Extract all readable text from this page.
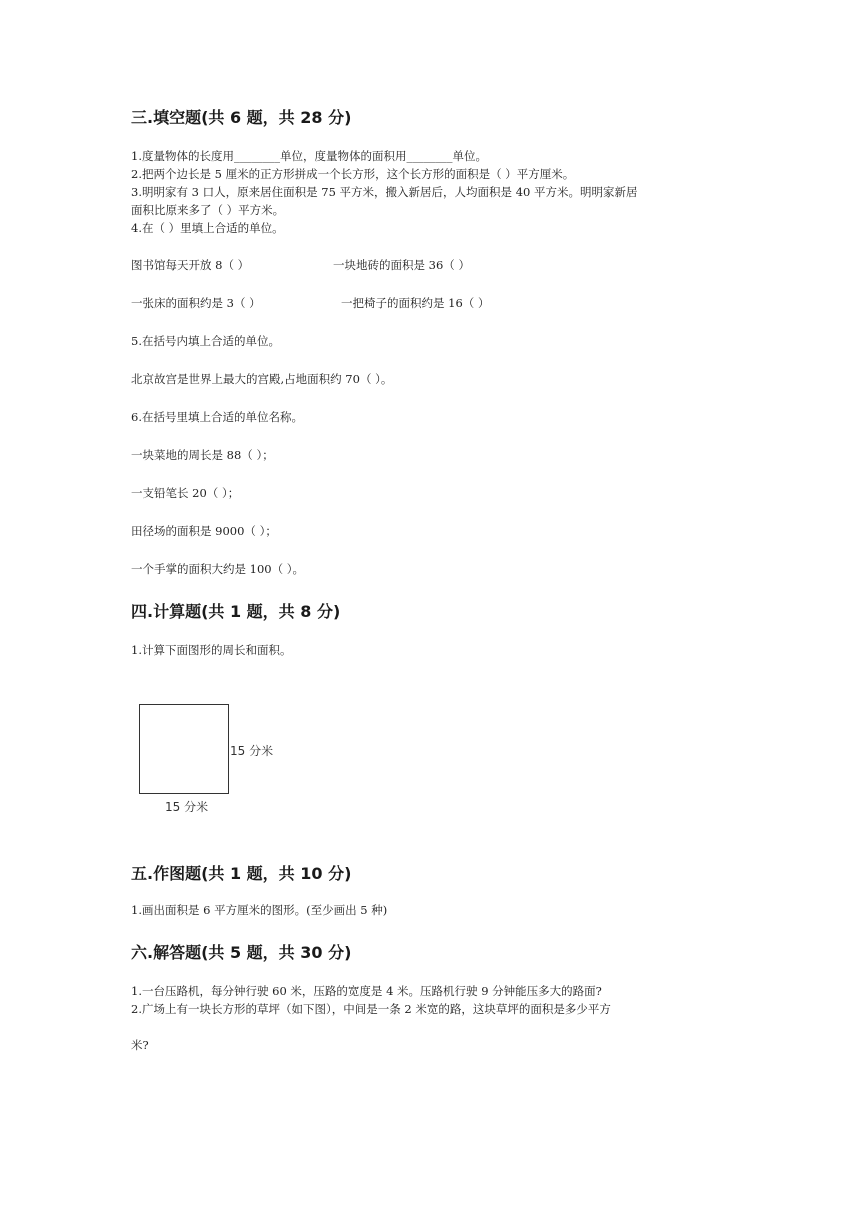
三.填空题(共 6 题，共 28 分)
1.度量物体的长度用________单位，度量物体的面积用________单位。
2.把两个边长是 5 厘米的正方形拼成一个长方形，这个长方形的面积是（ ）平方厘米。
3.明明家有 3 口人，原来居住面积是 75 平方米，搬入新居后，人均面积是 40 平方米。明明家新居
面积比原来多了（ ）平方米。
4.在（ ）里填上合适的单位。
图书馆每天开放 8（ ）	一块地砖的面积是 36（ ）
一张床的面积约是 3（ ）	一把椅子的面积约是 16（ ）
5.在括号内填上合适的单位。
北京故宫是世界上最大的宫殿,占地面积约 70（ ）。
6.在括号里填上合适的单位名称。
一块菜地的周长是 88（ ）；
一支铅笔长 20（ ）；
田径场的面积是 9000（ ）；
一个手掌的面积大约是 100（ ）。
四.计算题(共 1 题，共 8 分)
1.计算下面图形的周长和面积。
15 分米
15 分米
五.作图题(共 1 题，共 10 分)
1.画出面积是 6 平方厘米的图形。(至少画出 5 种)
六.解答题(共 5 题，共 30 分)
1.一台压路机，每分钟行驶 60 米，压路的宽度是 4 米。压路机行驶 9 分钟能压多大的路面?
2.广场上有一块长方形的草坪（如下图），中间是一条 2 米宽的路，这块草坪的面积是多少平方
米?
